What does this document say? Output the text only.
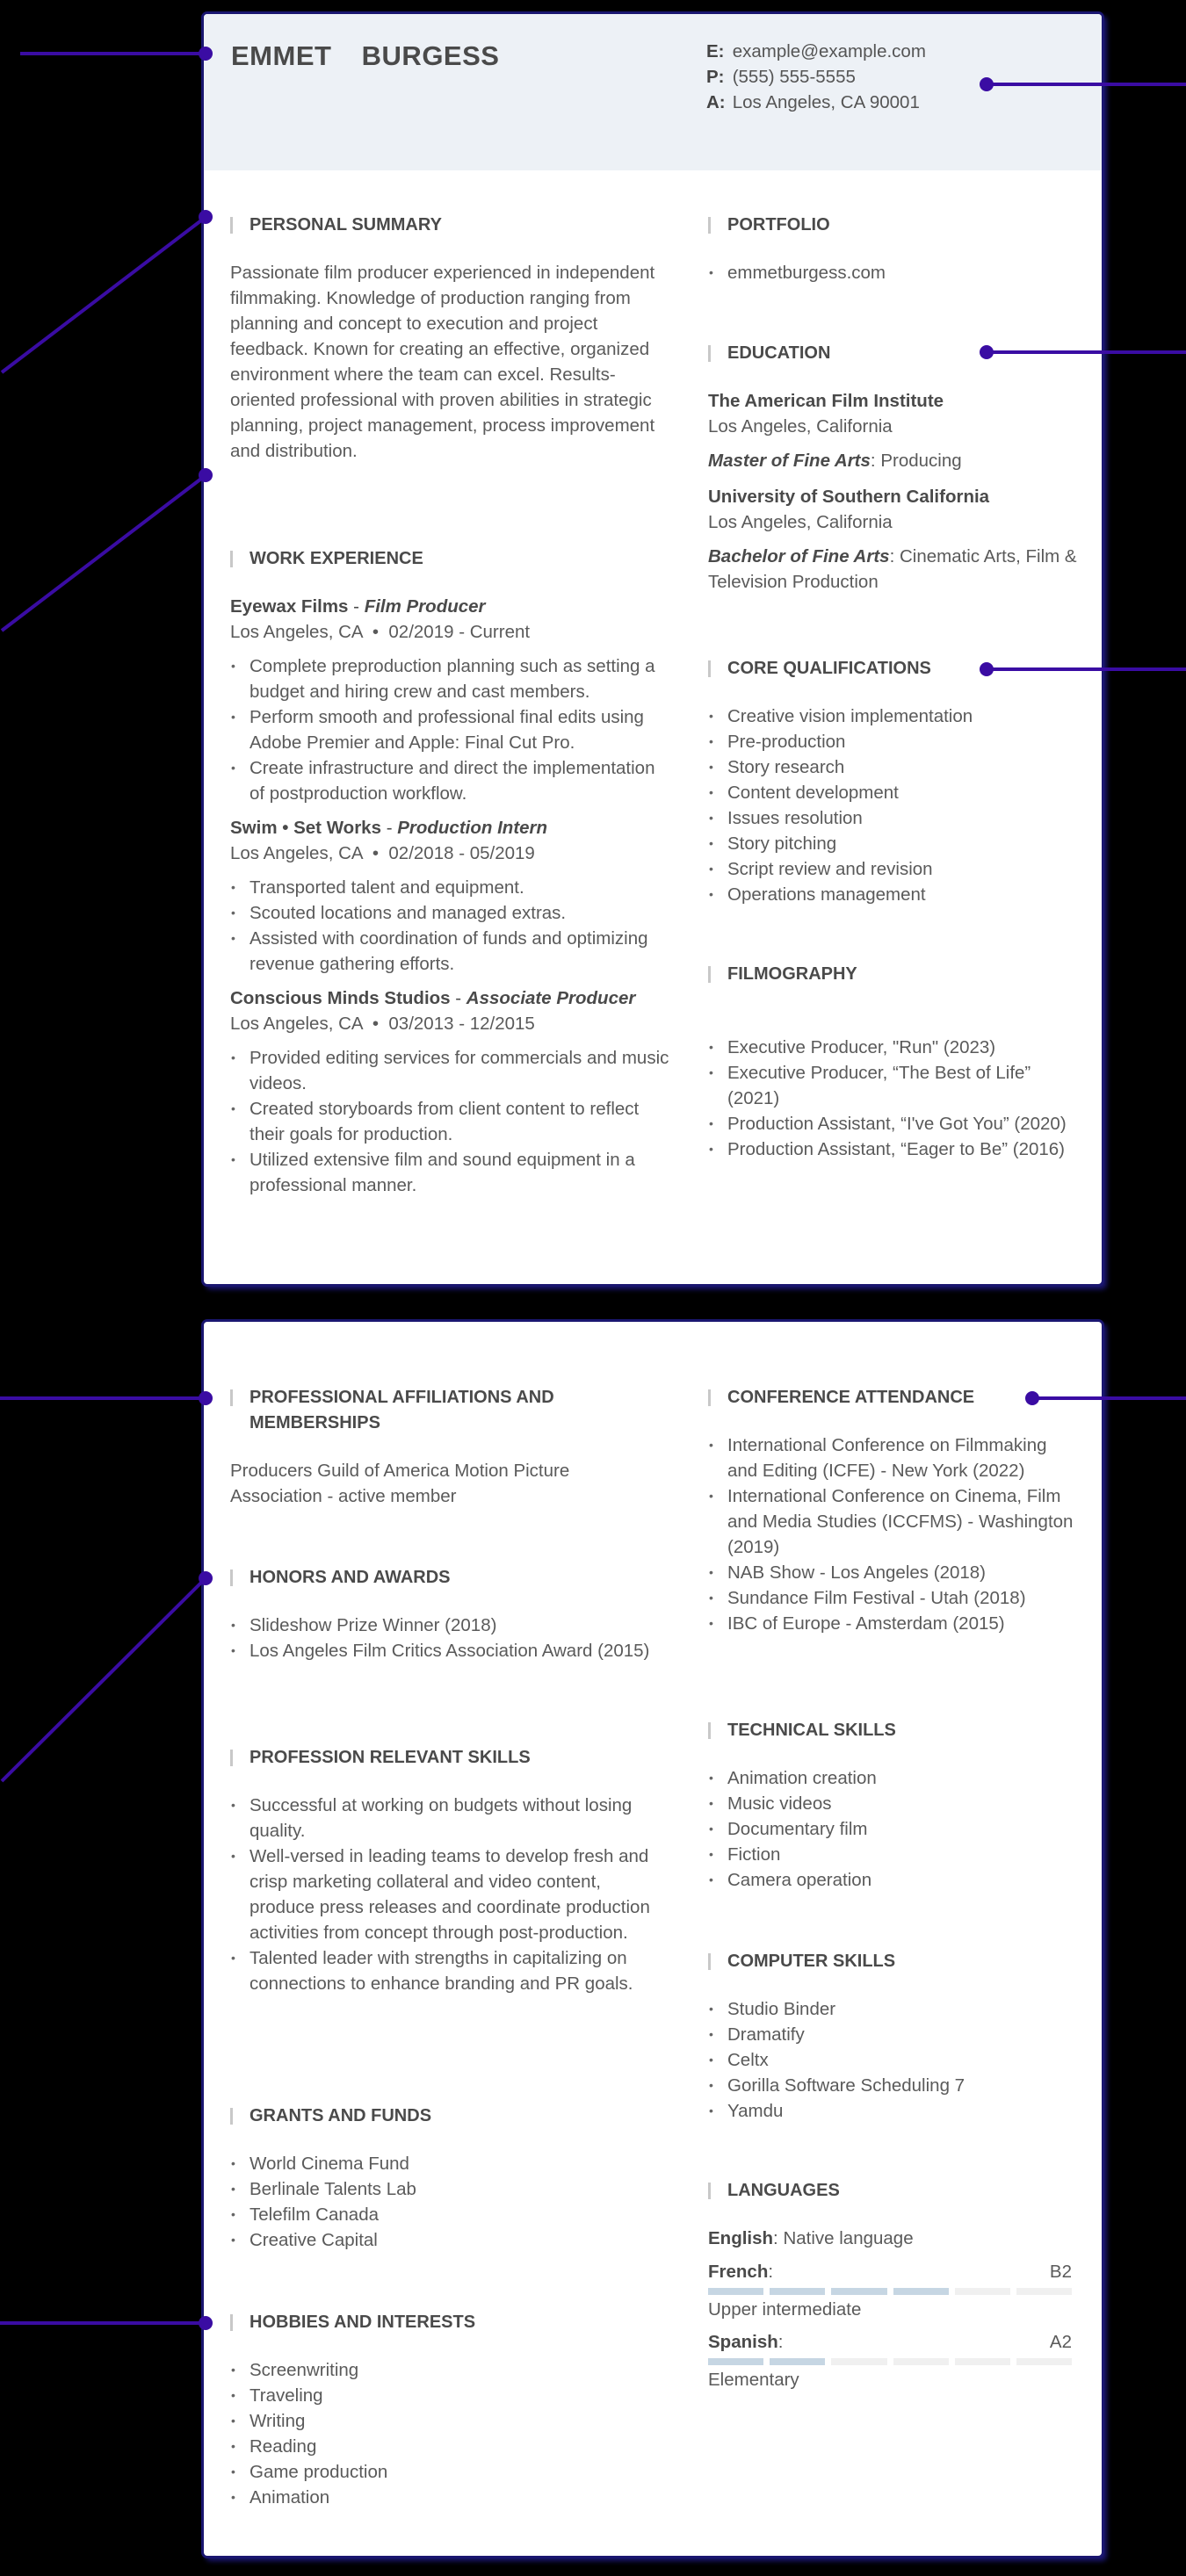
EMMET  BURGESS	E: example@example.com
P: (555) 555-5555
A: Los Angeles, CA 90001
PERSONAL SUMMARY
Passionate film producer experienced in independent filmmaking. Knowledge of production ranging from planning and concept to execution and project feedback. Known for creating an effective, organized environment where the team can excel. Results-oriented professional with proven abilities in strategic planning, project management, process improvement and distribution.
WORK EXPERIENCE
Eyewax Films - Film Producer
Los Angeles, CA  •  02/2019 - Current
• Complete preproduction planning such as setting a budget and hiring crew and cast members.
• Perform smooth and professional final edits using Adobe Premier and Apple: Final Cut Pro.
• Create infrastructure and direct the implementation of postproduction workflow.
Swim • Set Works - Production Intern
Los Angeles, CA  •  02/2018 - 05/2019
• Transported talent and equipment.
• Scouted locations and managed extras.
• Assisted with coordination of funds and optimizing revenue gathering efforts.
Conscious Minds Studios - Associate Producer
Los Angeles, CA  •  03/2013 - 12/2015
• Provided editing services for commercials and music videos.
• Created storyboards from client content to reflect their goals for production.
• Utilized extensive film and sound equipment in a professional manner.
PORTFOLIO
• emmetburgess.com
EDUCATION
The American Film Institute
Los Angeles, California
Master of Fine Arts: Producing
University of Southern California
Los Angeles, California
Bachelor of Fine Arts: Cinematic Arts, Film & Television Production
CORE QUALIFICATIONS
• Creative vision implementation
• Pre-production
• Story research
• Content development
• Issues resolution
• Story pitching
• Script review and revision
• Operations management
FILMOGRAPHY
• Executive Producer, "Run" (2023)
• Executive Producer, “The Best of Life” (2021)
• Production Assistant, “I've Got You” (2020)
• Production Assistant, “Eager to Be” (2016)
PROFESSIONAL AFFILIATIONS AND MEMBERSHIPS
Producers Guild of America Motion Picture Association - active member
HONORS AND AWARDS
• Slideshow Prize Winner (2018)
• Los Angeles Film Critics Association Award (2015)
PROFESSION RELEVANT SKILLS
• Successful at working on budgets without losing quality.
• Well-versed in leading teams to develop fresh and crisp marketing collateral and video content, produce press releases and coordinate production activities from concept through post-production.
• Talented leader with strengths in capitalizing on connections to enhance branding and PR goals.
GRANTS AND FUNDS
• World Cinema Fund
• Berlinale Talents Lab
• Telefilm Canada
• Creative Capital
HOBBIES AND INTERESTS
• Screenwriting
• Traveling
• Writing
• Reading
• Game production
• Animation
CONFERENCE ATTENDANCE
• International Conference on Filmmaking and Editing (ICFE) - New York (2022)
• International Conference on Cinema, Film and Media Studies (ICCFMS) - Washington (2019)
• NAB Show - Los Angeles (2018)
• Sundance Film Festival - Utah (2018)
• IBC of Europe - Amsterdam (2015)
TECHNICAL SKILLS
• Animation creation
• Music videos
• Documentary film
• Fiction
• Camera operation
COMPUTER SKILLS
• Studio Binder
• Dramatify
• Celtx
• Gorilla Software Scheduling 7
• Yamdu
LANGUAGES
English: Native language
French:	B2
Upper intermediate
Spanish:	A2
Elementary
